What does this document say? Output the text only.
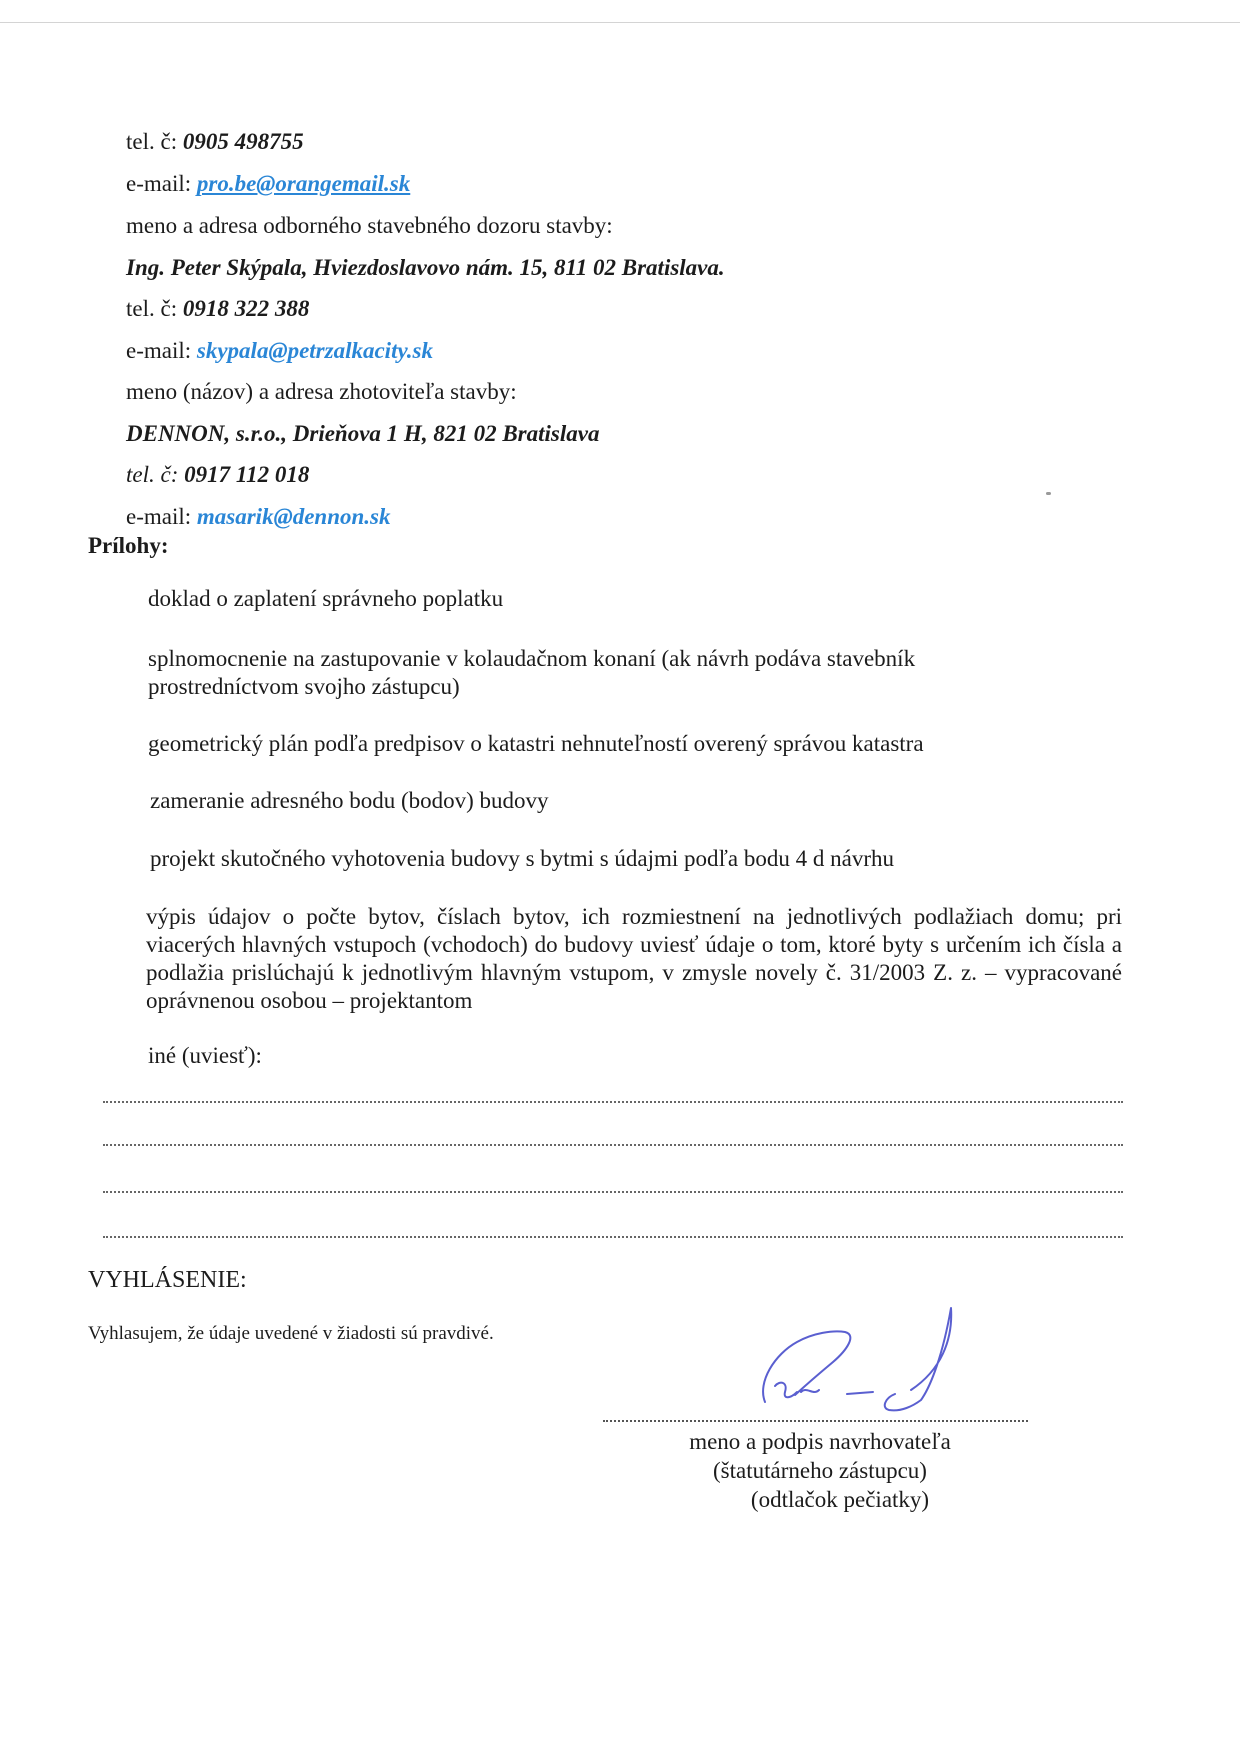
tel. č: 0905 498755
e-mail: pro.be@orangemail.sk
meno a adresa odborného stavebného dozoru stavby:
Ing. Peter Skýpala, Hviezdoslavovo nám. 15, 811 02 Bratislava.
tel. č: 0918 322 388
e-mail: skypala@petrzalkacity.sk
meno (názov) a adresa zhotoviteľa stavby:
DENNON, s.r.o., Drieňova 1 H, 821 02 Bratislava
tel. č: 0917 112 018
e-mail: masarik@dennon.sk
Prílohy:
doklad o zaplatení správneho poplatku
splnomocnenie na zastupovanie v kolaudačnom konaní (ak návrh podáva stavebník prostredníctvom svojho zástupcu)
geometrický plán podľa predpisov o katastri nehnuteľností overený správou katastra
zameranie adresného bodu (bodov) budovy
projekt skutočného vyhotovenia budovy s bytmi s údajmi podľa bodu 4 d návrhu
výpis údajov o počte bytov, číslach bytov, ich rozmiestnení na jednotlivých podlažiach domu; pri viacerých hlavných vstupoch (vchodoch) do budovy uviesť údaje o tom, ktoré byty s určením ich čísla a podlažia prislúchajú k jednotlivým hlavným vstupom, v zmysle novely č. 31/2003 Z. z. – vypracované oprávnenou osobou – projektantom
iné (uviesť):
VYHLÁSENIE:
Vyhlasujem, že údaje uvedené v žiadosti sú pravdivé.
meno a podpis navrhovateľa
(štatutárneho zástupcu)
(odtlačok pečiatky)
